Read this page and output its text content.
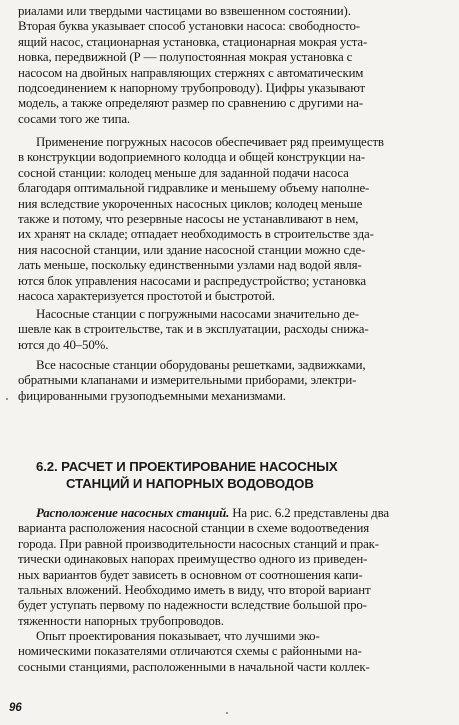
риалами или твердыми частицами во взвешенном состоянии).
Вторая буква указывает способ установки насоса: свободносто-
ящий насос, стационарная установка, стационарная мокрая уста-
новка, передвижной (Р — полупостоянная мокрая установка с
насосом на двойных направляющих стержнях с автоматическим
подсоединением к напорному трубопроводу). Цифры указывают
модель, а также определяют размер по сравнению с другими на-
сосами того же типа.
Применение погружных насосов обеспечивает ряд преимуществ
в конструкции водоприемного колодца и общей конструкции на-
сосной станции: колодец меньше для заданной подачи насоса
благодаря оптимальной гидравлике и меньшему объему наполне-
ния вследствие укороченных насосных циклов; колодец меньше
также и потому, что резервные насосы не устанавливают в нем,
их хранят на складе; отпадает необходимость в строительстве зда-
ния насосной станции, или здание насосной станции можно сде-
лать меньше, поскольку единственными узлами над водой явля-
ются блок управления насосами и распредустройство; установка
насоса характеризуется простотой и быстротой.
Насосные станции с погружными насосами значительно де-
шевле как в строительстве, так и в эксплуатации, расходы снижа-
ются до 40–50%.
Все насосные станции оборудованы решетками, задвижками,
обратными клапанами и измерительными приборами, электри-
фицированными грузоподъемными механизмами.
6.2. РАСЧЕТ И ПРОЕКТИРОВАНИЕ НАСОСНЫХ
СТАНЦИЙ И НАПОРНЫХ ВОДОВОДОВ
Расположение насосных станций. На рис. 6.2 представлены два
варианта расположения насосной станции в схеме водоотведения
города. При равной производительности насосных станций и прак-
тически одинаковых напорах преимущество одного из приведен-
ных вариантов будет зависеть в основном от соотношения капи-
тальных вложений. Необходимо иметь в виду, что второй вариант
будет уступать первому по надежности вследствие большой про-
тяженности напорных трубопроводов.
Опыт проектирования показывает, что лучшими эко-
номическими показателями отличаются схемы с районными на-
сосными станциями, расположенными в начальной части коллек-
96
